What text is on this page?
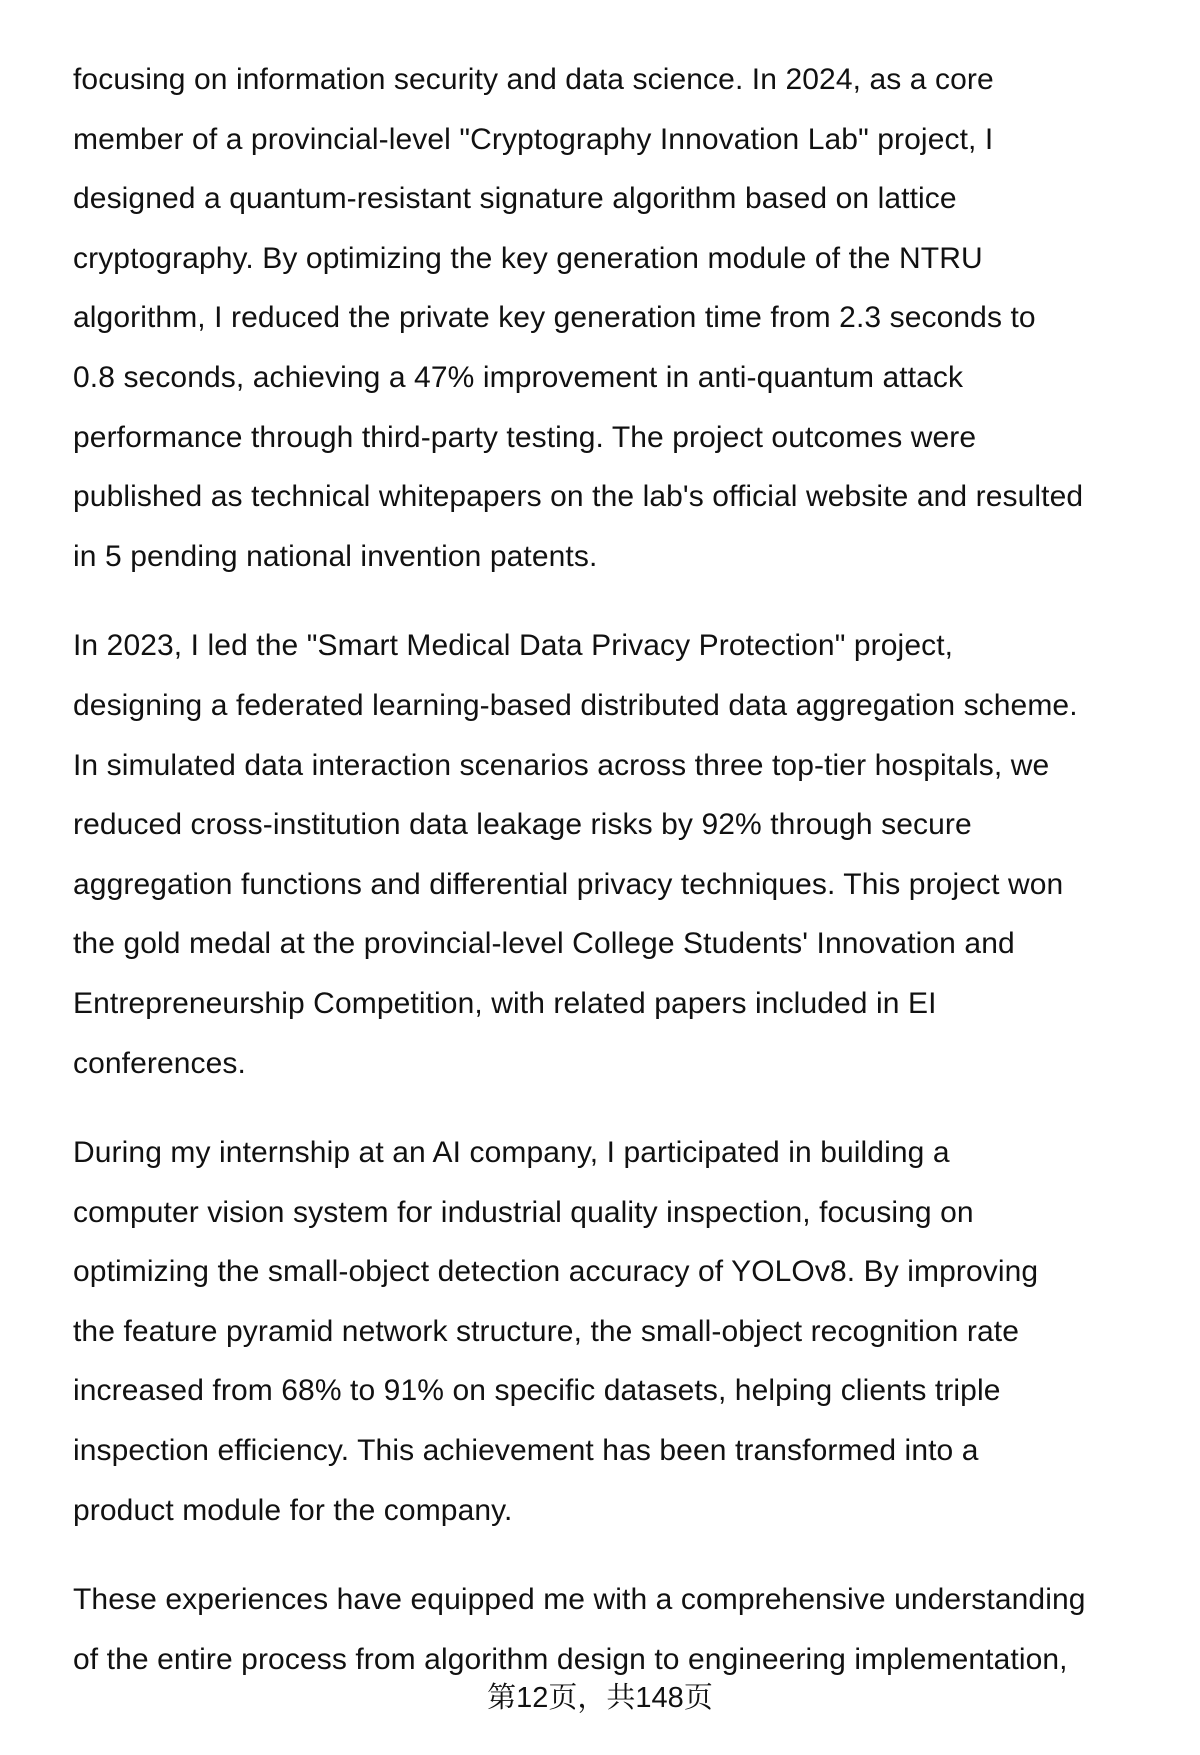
focusing on information security and data science. In 2024, as a core
member of a provincial-level "Cryptography Innovation Lab" project, I
designed a quantum-resistant signature algorithm based on lattice
cryptography. By optimizing the key generation module of the NTRU
algorithm, I reduced the private key generation time from 2.3 seconds to
0.8 seconds, achieving a 47% improvement in anti-quantum attack
performance through third-party testing. The project outcomes were
published as technical whitepapers on the lab's official website and resulted
in 5 pending national invention patents.
In 2023, I led the "Smart Medical Data Privacy Protection" project,
designing a federated learning-based distributed data aggregation scheme.
In simulated data interaction scenarios across three top-tier hospitals, we
reduced cross-institution data leakage risks by 92% through secure
aggregation functions and differential privacy techniques. This project won
the gold medal at the provincial-level College Students' Innovation and
Entrepreneurship Competition, with related papers included in EI
conferences.
During my internship at an AI company, I participated in building a
computer vision system for industrial quality inspection, focusing on
optimizing the small-object detection accuracy of YOLOv8. By improving
the feature pyramid network structure, the small-object recognition rate
increased from 68% to 91% on specific datasets, helping clients triple
inspection efficiency. This achievement has been transformed into a
product module for the company.
These experiences have equipped me with a comprehensive understanding
of the entire process from algorithm design to engineering implementation,
第12页，共148页
